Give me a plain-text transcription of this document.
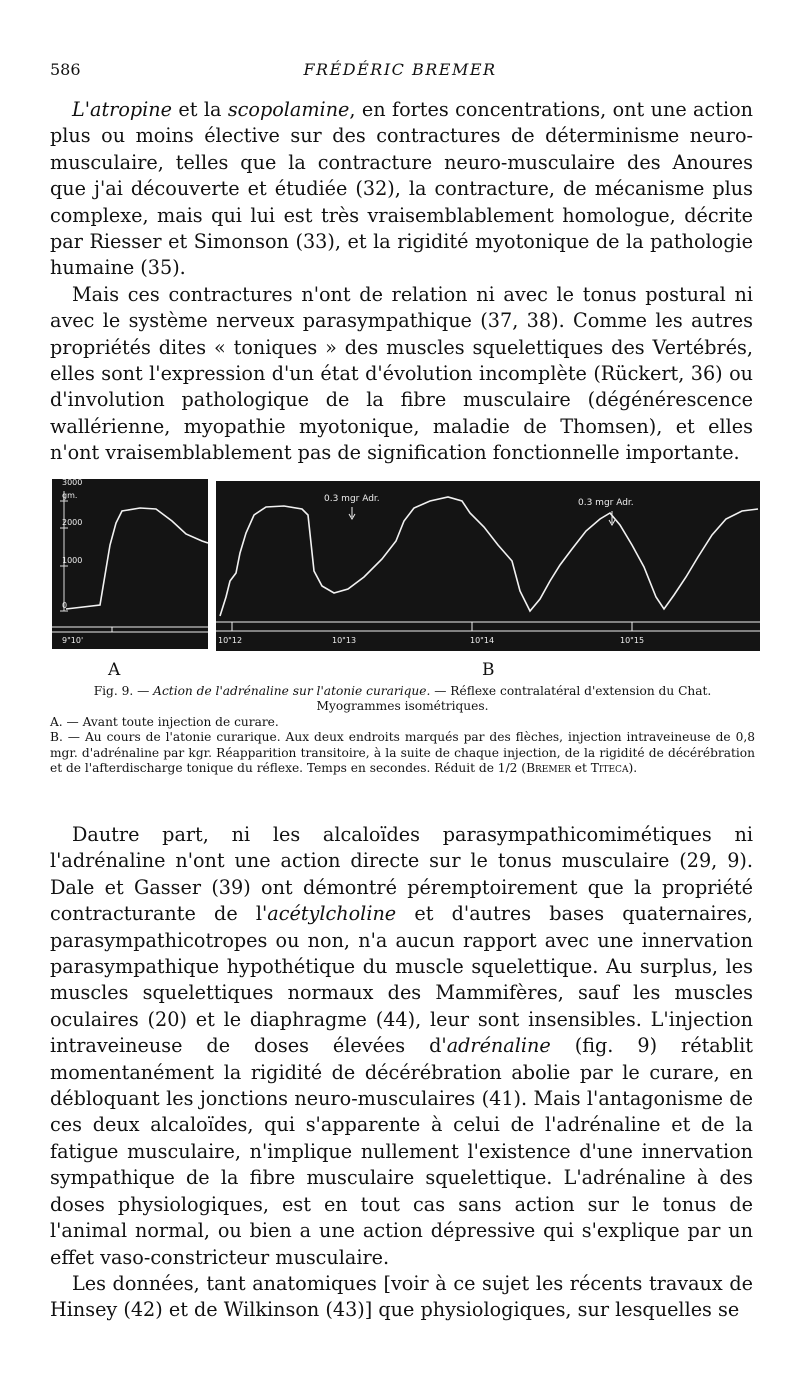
586	FRÉDÉRIC BREMER

L'atropine et la scopolamine, en fortes concentrations, ont une action plus ou moins élective sur des contractures de déterminisme neuro-musculaire, telles que la contracture neuro-musculaire des Anoures que j'ai découverte et étudiée (32), la contracture, de mécanisme plus complexe, mais qui lui est très vraisemblablement homologue, décrite par Riesser et Simonson (33), et la rigidité myotonique de la pathologie humaine (35).

Mais ces contractures n'ont de relation ni avec le tonus postural ni avec le système nerveux parasympathique (37, 38). Comme les autres propriétés dites « toniques » des muscles squelettiques des Vertébrés, elles sont l'expression d'un état d'évolution incomplète (Rückert, 36) ou d'involution pathologique de la fibre musculaire (dégénérescence wallérienne, myopathie myotonique, maladie de Thomsen), et elles n'ont vraisemblablement pas de signification fonctionnelle importante.

3000
gm.
2000
1000
0
9"10'
0.3 mgr Adr.	0.3 mgr Adr.
10"12	10"13	10"14	10"15
A	B

Fig. 9. — Action de l'adrénaline sur l'atonie curarique. — Réflexe contralatéral d'extension du Chat. Myogrammes isométriques.

A. — Avant toute injection de curare.

B. — Au cours de l'atonie curarique. Aux deux endroits marqués par des flèches, injection intraveineuse de 0,8 mgr. d'adrénaline par kgr. Réapparition transitoire, à la suite de chaque injection, de la rigidité de décérébration et de l'afterdischarge tonique du réflexe. Temps en secondes. Réduit de 1/2 (Bremer et Titeca).

Dautre part, ni les alcaloïdes parasympathicomimétiques ni l'adrénaline n'ont une action directe sur le tonus musculaire (29, 9). Dale et Gasser (39) ont démontré péremptoirement que la propriété contracturante de l'acétylcholine et d'autres bases quaternaires, parasympathicotropes ou non, n'a aucun rapport avec une innervation parasympathique hypothétique du muscle squelettique. Au surplus, les muscles squelettiques normaux des Mammifères, sauf les muscles oculaires (20) et le diaphragme (44), leur sont insensibles. L'injection intraveineuse de doses élevées d'adrénaline (fig. 9) rétablit momentanément la rigidité de décérébration abolie par le curare, en débloquant les jonctions neuro-musculaires (41). Mais l'antagonisme de ces deux alcaloïdes, qui s'apparente à celui de l'adrénaline et de la fatigue musculaire, n'implique nullement l'existence d'une innervation sympathique de la fibre musculaire squelettique. L'adrénaline à des doses physiologiques, est en tout cas sans action sur le tonus de l'animal normal, ou bien a une action dépressive qui s'explique par un effet vaso-constricteur musculaire.

Les données, tant anatomiques [voir à ce sujet les récents travaux de Hinsey (42) et de Wilkinson (43)] que physiologiques, sur lesquelles se
